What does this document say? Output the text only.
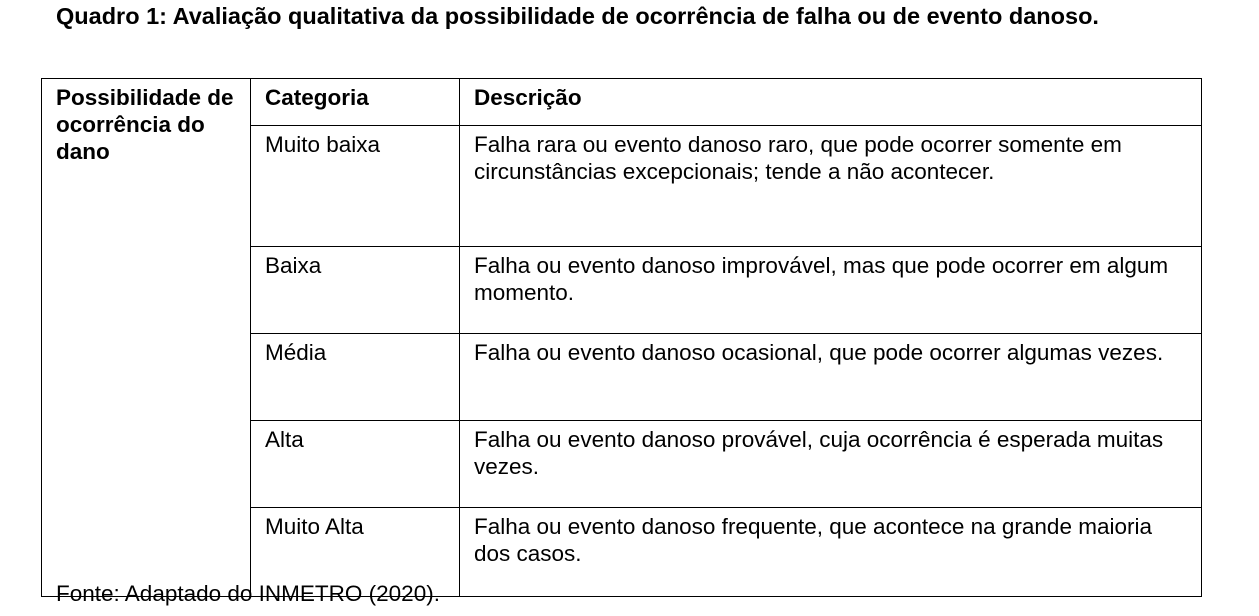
Quadro 1: Avaliação qualitativa da possibilidade de ocorrência de falha ou de evento danoso.
Possibilidade de ocorrência do dano	Categoria	Descrição
	Muito baixa	Falha rara ou evento danoso raro, que pode ocorrer somente em circunstâncias excepcionais; tende a não acontecer.
	Baixa	Falha ou evento danoso improvável, mas que pode ocorrer em algum momento.
	Média	Falha ou evento danoso ocasional, que pode ocorrer algumas vezes.
	Alta	Falha ou evento danoso provável, cuja ocorrência é esperada muitas vezes.
	Muito Alta	Falha ou evento danoso frequente, que acontece na grande maioria dos casos.
Fonte: Adaptado do INMETRO (2020).
